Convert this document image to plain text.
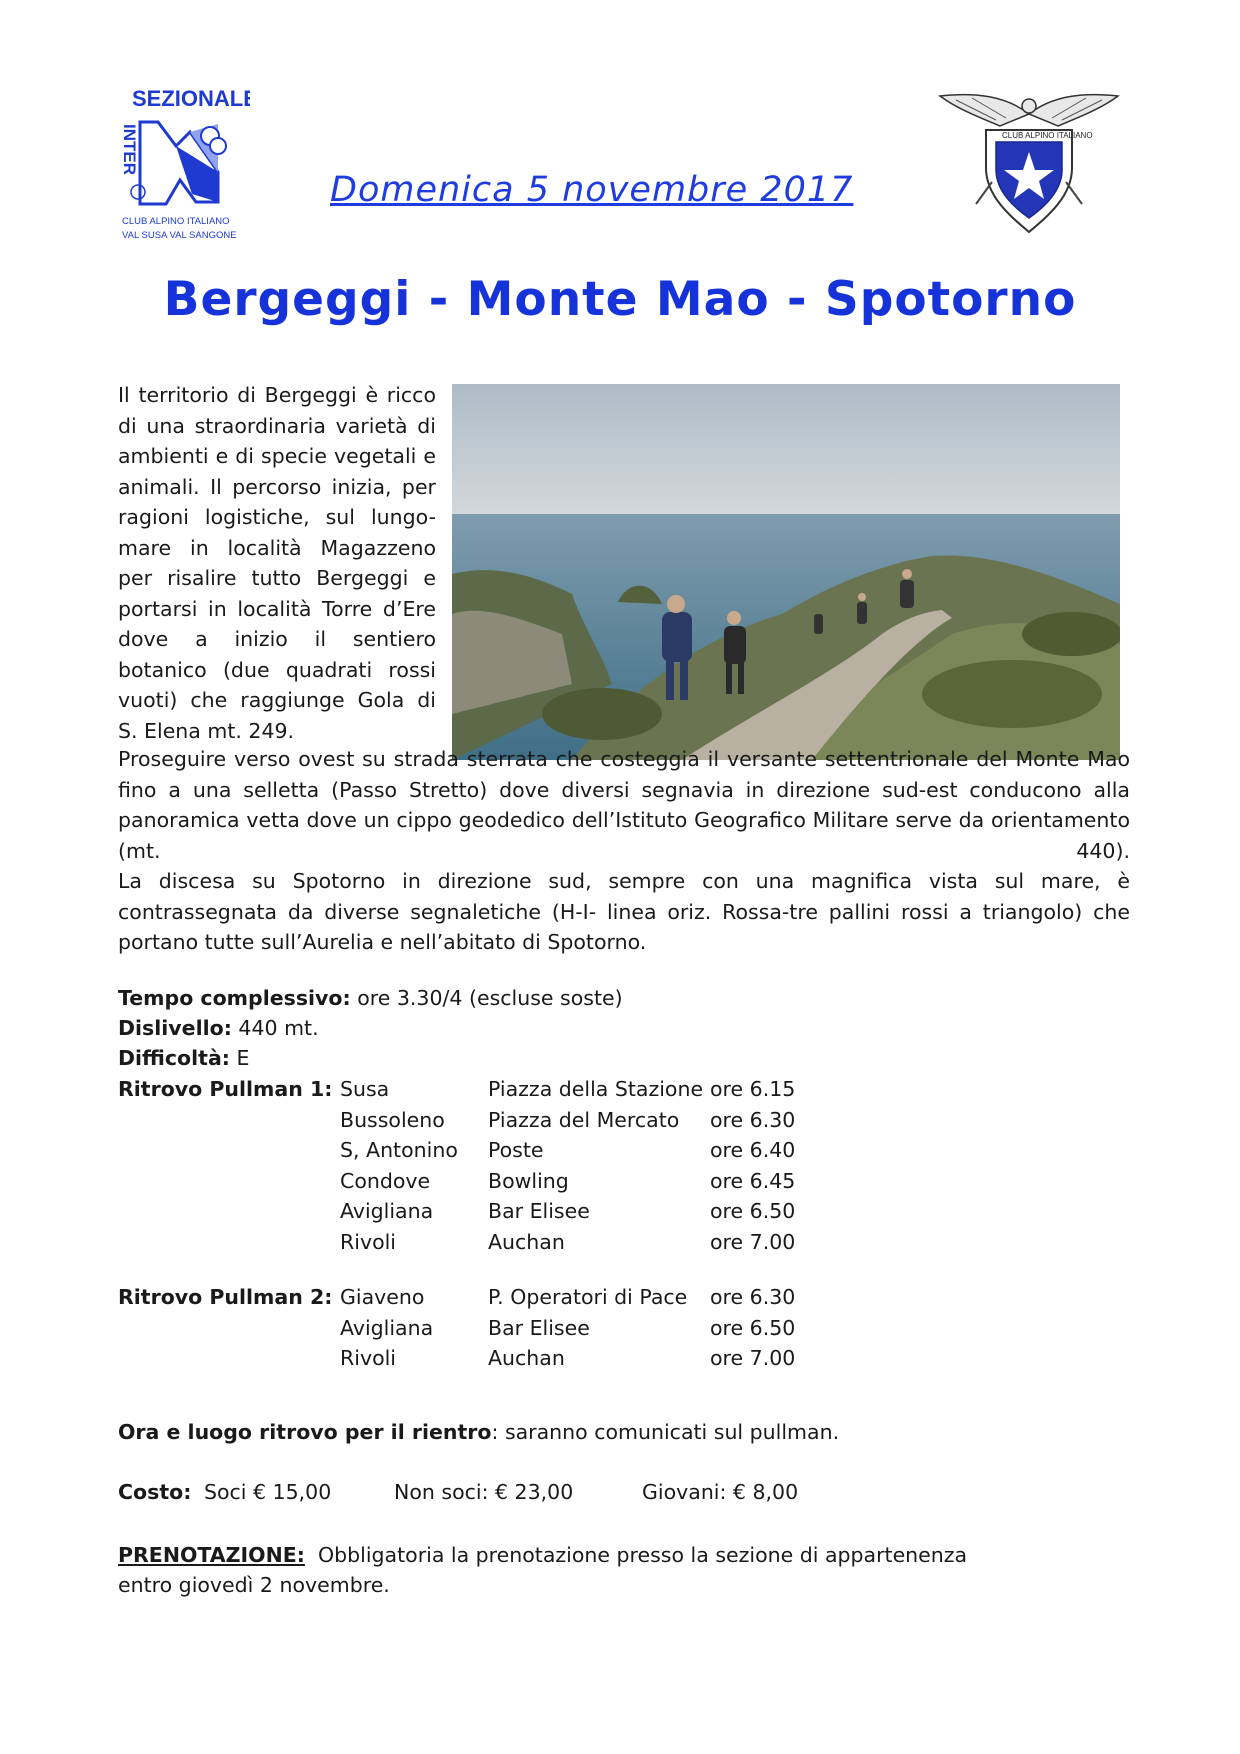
SEZIONALE
INTER
CLUB ALPINO ITALIANO
VAL SUSA VAL SANGONE
CLUB ALPINO ITALIANO
Domenica 5 novembre 2017
Bergeggi - Monte Mao - Spotorno

Il territorio di Bergeggi è ricco di una straordinaria varietà di ambienti e di specie vegetali e animali. Il percorso inizia, per ragioni logistiche, sul lungo-mare in località Magazzeno per risalire tutto Bergeggi e portarsi in località Torre d’Ere dove a inizio il sentiero botanico (due quadrati rossi vuoti) che raggiunge Gola di S. Elena mt. 249.

Proseguire verso ovest su strada sterrata che costeggia il versante settentrionale del Monte Mao fino a una selletta (Passo Stretto) dove diversi segnavia in direzione sud-est conducono alla panoramica vetta dove un cippo geodedico dell’Istituto Geografico Militare serve da orientamento (mt. 440).

La discesa su Spotorno in direzione sud, sempre con una magnifica vista sul mare, è contrassegnata da diverse segnaletiche (H-I- linea oriz. Rossa-tre pallini rossi a triangolo) che portano tutte sull’Aurelia e nell’abitato di Spotorno.

Tempo complessivo: ore 3.30/4 (escluse soste)
Dislivello: 440 mt.
Difficoltà: E
Ritrovo Pullman 1:	Susa	Piazza della Stazione	ore 6.15
	Bussoleno	Piazza del Mercato	ore 6.30
	S, Antonino	Poste	ore 6.40
	Condove	Bowling	ore 6.45
	Avigliana	Bar Elisee	ore 6.50
	Rivoli	Auchan	ore 7.00
Ritrovo Pullman 2:	Giaveno	P. Operatori di Pace	ore 6.30
	Avigliana	Bar Elisee	ore 6.50
	Rivoli	Auchan	ore 7.00
Ora e luogo ritrovo per il rientro: saranno comunicati sul pullman.
Costo: Soci € 15,00	Non soci: € 23,00	Giovani: € 8,00

PRENOTAZIONE: Obbligatoria la prenotazione presso la sezione di appartenenza

entro giovedì 2 novembre.
